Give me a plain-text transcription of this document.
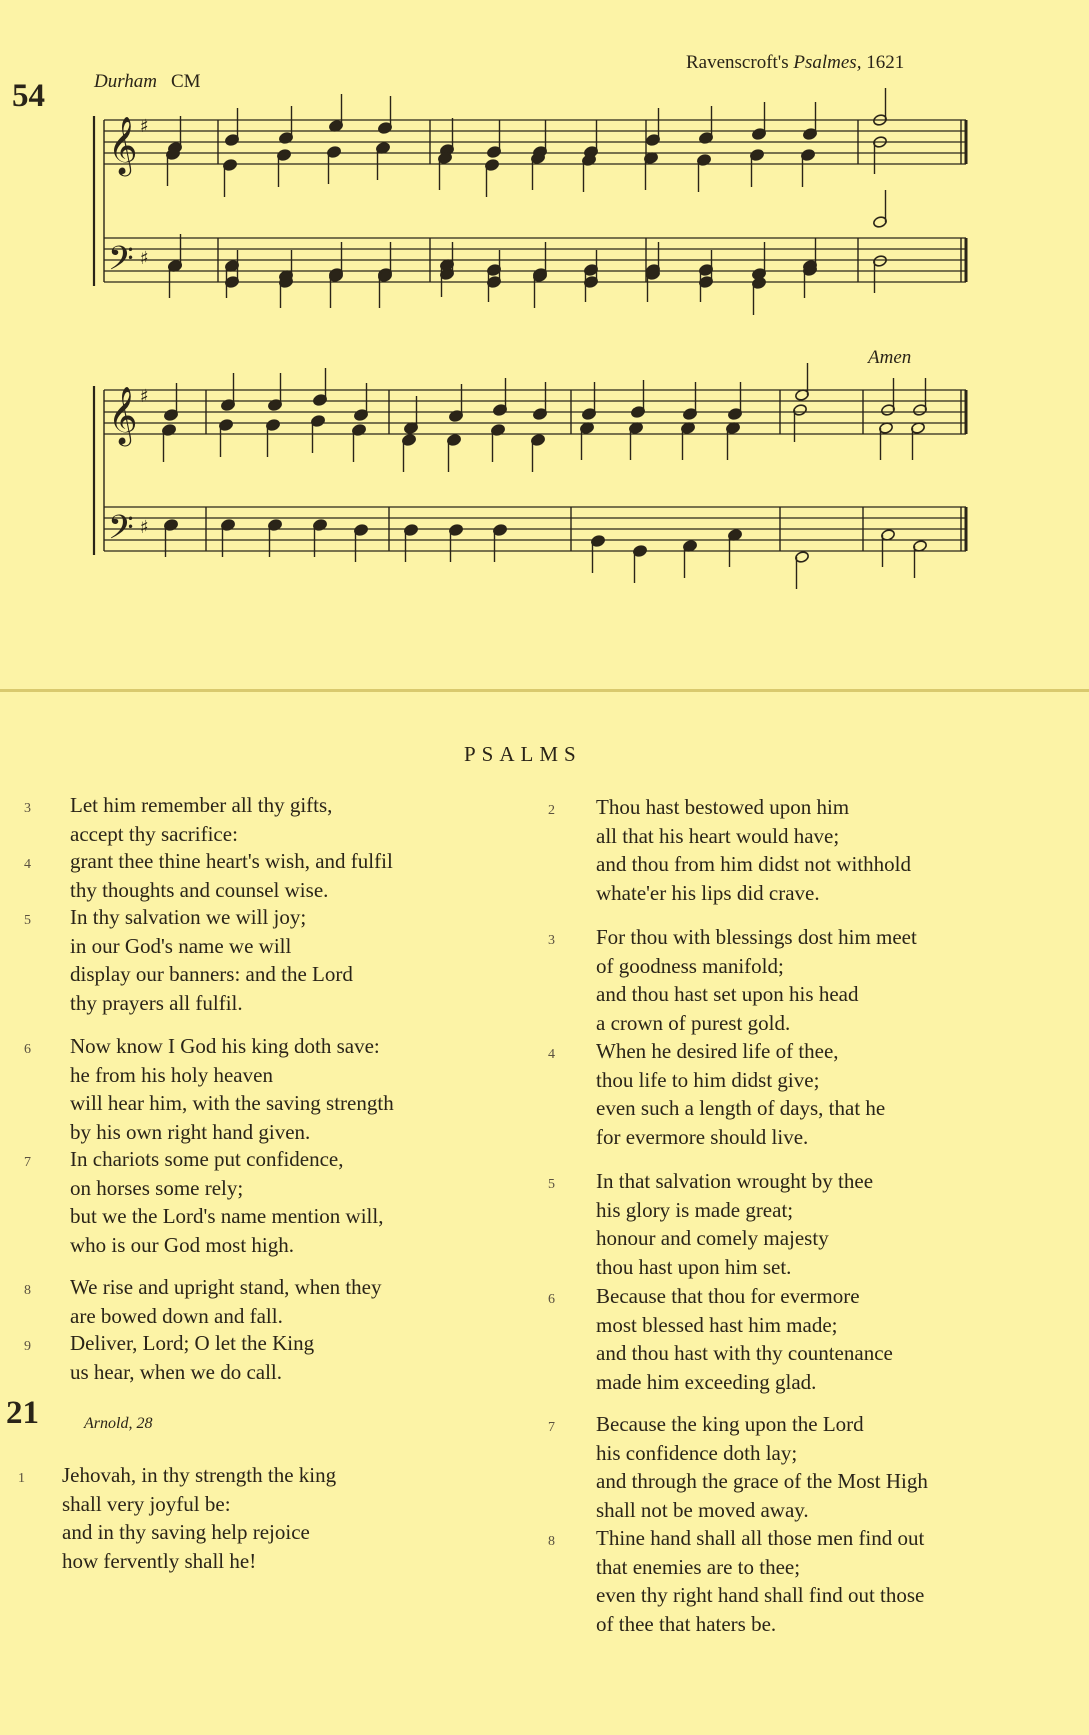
𝄞
𝄢
♯
♯
𝄞
𝄢
♯
♯
54	Durham CM
Ravenscroft's Psalmes, 1621
Amen
PSALMS
3 Let him remember all thy gifts,
accept thy sacrifice:
4 grant thee thine heart's wish, and fulfil
thy thoughts and counsel wise.
5 In thy salvation we will joy;
in our God's name we will
display our banners: and the Lord
thy prayers all fulfil.
6 Now know I God his king doth save:
he from his holy heaven
will hear him, with the saving strength
by his own right hand given.
7 In chariots some put confidence,
on horses some rely;
but we the Lord's name mention will,
who is our God most high.
8 We rise and upright stand, when they
are bowed down and fall.
9 Deliver, Lord; O let the King
us hear, when we do call.
21	Arnold, 28
1 Jehovah, in thy strength the king
shall very joyful be:
and in thy saving help rejoice
how fervently shall he!
2 Thou hast bestowed upon him
all that his heart would have;
and thou from him didst not withhold
whate'er his lips did crave.
3 For thou with blessings dost him meet
of goodness manifold;
and thou hast set upon his head
a crown of purest gold.
4 When he desired life of thee,
thou life to him didst give;
even such a length of days, that he
for evermore should live.
5 In that salvation wrought by thee
his glory is made great;
honour and comely majesty
thou hast upon him set.
6 Because that thou for evermore
most blessed hast him made;
and thou hast with thy countenance
made him exceeding glad.
7 Because the king upon the Lord
his confidence doth lay;
and through the grace of the Most High
shall not be moved away.
8 Thine hand shall all those men find out
that enemies are to thee;
even thy right hand shall find out those
of thee that haters be.
